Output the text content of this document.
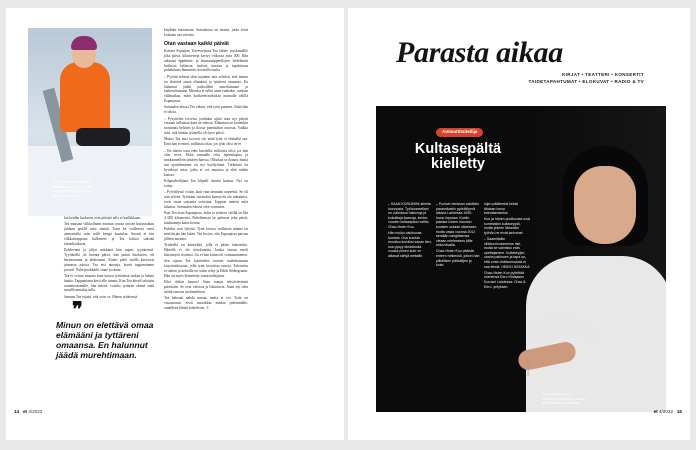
Oleт 16-vuoden ikäisen asfalttien tuolin vieressä vielä miehensä. Hän on puhdasta kulkaa.

kai heidän luokseen ovat piittäjä talla ei kuiltikkaan.

Tea muistaa vilkkoihuon montaa ruoota oirtien huisenaikan juhlaan perillä saisi säntää. Tuon kä voilleessä raeni ainerastalta saisi aolle kengä kuutulaa. Suonit ei tiin vilkkoitoippuna kulkeneet ja Tea haluoi säästää taloinhauksiaa.

Palelevana ja jäljat märkänä hän tapasi tyyttärensä. Tyyttärellä oli huonta päivä, hän puhui huokseen, oli hermostunut ja ahdistunut. Kätert pälsi sisällä kertoivat juimasia asioita. Tea etsi nuoseja, koetti tappaminnen juveerl. Puhe puokkailit sinne ja tänne.

Tea ei voinut muuata kuin katsoa tyttärensä tuskaa ja haluta haaiia. Tappaminen kesti alle tunnin. Kun Tea käveli takaisin rautatieasemalle, hän mietti, voisiko tyttären elämä enää suruillistemaksi tulla.

Jamana Tea tajuisi, että voisi se. Hänen tyttärensä

❞
Minun on elettävä omaa elämääni ja tyttäreni omaansa. En halunnut jäädä murehtimaan.

käydään kattomaan. Sairaalassa on monta, jotka eivät koskaan saa vieraita.

Otan vastaan kaikki päivät

Kotona Espanjan Torreviejassa Tea lähtee joyrääntallle joka päivä, kilometrejä kertyy viikossa noin 400. Hän rakastaa äppelmiit- ja ittsmaraappeellojen, hedelmien heiluvaa keltaista, siniistä taivasta ja tapahtuvaa puhahdusta lämmintä, kostealla tuulta.

– Pyörän selässä olen tajunnut niin selvästi, että minun on elettävä omaa elämääni ja tyttäreni omaansa. En halunnut jäädä paikoilleni murehtimaan ja katkeroitumaan. Minusta ei tullut anna vanhaksi, raaksaa välimatkaa, mäes konkreettiseksikin asumalla välillä Espanjassa.

Sairauden alussa Tea oikein, että tytär paranee. Enää hän ei odota.

– Pysyttelen toivetsa joulinkai ajttiä otan nyt päivät vastaan sellaisina kuin ne tulevat. Elämässä on kuitenkin tarttumaa beltiaes ja iloista pienistäkin asioista. Vaikka siitä, että tänään tyttärellä oli hyvä päivä.

Mukei Tea nuri kovasti siä, mitä tytär ei elämältä saa. Entä hän ei mieti, millaista oilaa, jos tytär olisi terve.

– En oikein osaa edes kuvitella, millaista olisi, jos hän olisi terve. Ehkä minualle olisi lapsenlapsia ja markasmellein tyttären kanssa. Ollutkaa se ihanaa, mutta sen ajatteleminen on nyt hyödytöntä. Tärkeintä on hyväksyä asiat, jotka ei voi muuttaa ja elää niiden kanssa.

Kilpaurheilijana Tea kilpaili itsensä kanssa. Nyt on toisin.

– Pyöräilyssä voitin, laati vain tiennään tarpeeksi. Se oli niin selvää. Tyttäreni sairauden kanssa en ole mäiminyt, eivät sinua saisaatta voitettua. Tappion tunteiti mitä tahansa. Sairauden edessä olen voimaton.

Kun Tea asuu Espanjassa, äidin ja tyttären välillä on likt 4 000 kilometriä. Puhelimessa he puhuvat joka päivä, kauhuaneja kaksi kertaa.

Puhelut ovat lyhyitä. Tytär kertoo, millaisen säänne tai mitä kirjaa hän lukee. Tea kertoo, että Espanjassa paistaa jälleen aurinko.

Tyttärellä on kännykkä, jolla ei pääse internetiin. Hänellä ei ole tietokonetta, koska tuuran mieli häiriintyisi ristiinsä. Jos ei hän kiinni oli voimaantuneen.

Sen sijaan Tea kustettelee nuoren rauhoittamaan kirjoitaidossaan, jolla tytär kirjoittaa runoja. Tulostettu ei oikein ja kehoille on sitten tehty ja Edith Södergranin. Hän on myös kiinnitetty runoistuilejansa.

Eikö olekin hienoa? Saan runoja tekstiviesteinä päivittäin. Se ovat valoisia ja liikuttavia. Jauni nyt olen sääitä runosta tuolomelinen.

Tea haluaisi nähdä muuta, mutta ei voi. Tytär on vastustanut, eiväi tuuvakkin mitään pidemmälle, onnelleen lähteä kokeilevat. ©

14 et 4/2022
Parasta aikaa
KIRJAT • TEATTERI • KONSERTIT
TAIDETAPAHTUMAT • ELOKUVAT • RADIO & TV
Ammattitaiteilija
Kultasepältä kielletty

– SAAN KORUIHINI aiheita luonnosta. Työhuoneellani on vuikutava haiinvoja ja kukuittaja kaavoja, kertoo vuoden kultasepiksi valittu Chao-Hsien Kuo.

Hän mukin valokuvaa luontoa. Osa kuvista muuttuu koruiksi sanan tien, osa pysyy ideastoolla vuosia ennen kuin ne alkavat siirtyä metallin.

– Puoluin herissan valottäin parannkasiin pyörälöyrnä alkana Lahdessa 1990-luvun lopussa. Koetin jaladaa nöden muodon kuvaten uraaan ottaessen, mutta vasta vuonna 2012 sentään vangittaensa cleaan mieleeseen tälle uhka tavalla.

Chao-Hsien Kuo pitäisiin enteen hetkessä, jolloin hän pilkallisen pähkäiljen ja koke-

lujen päätteeksi keksii täidaan korun toteuttamiseksi.

Kuo ja hänen puolisonsa ovat kummatkin kultaseppiä, mutta yhteen tärkeään työhön he eivät tartunnet.

– Saamittaille vihkisormuksemme itse, mutta se valmistui eräs opettajamme. Kultasepjen vanha pakinuen ja tapa on, että omia vihkisormuksia ei saa tehdä. HEIKKI HATAKKA

Chao-Hsien Kuo pyörittää miehensä Eero Hintsasen Korusei Lahdessa: Chao & Eero -yrityksen.

JANNE SUPERIA
Sunbeams-korun innoittivat auringon valtaa lehtikuusen neulasissa.
et 4/2022 15
